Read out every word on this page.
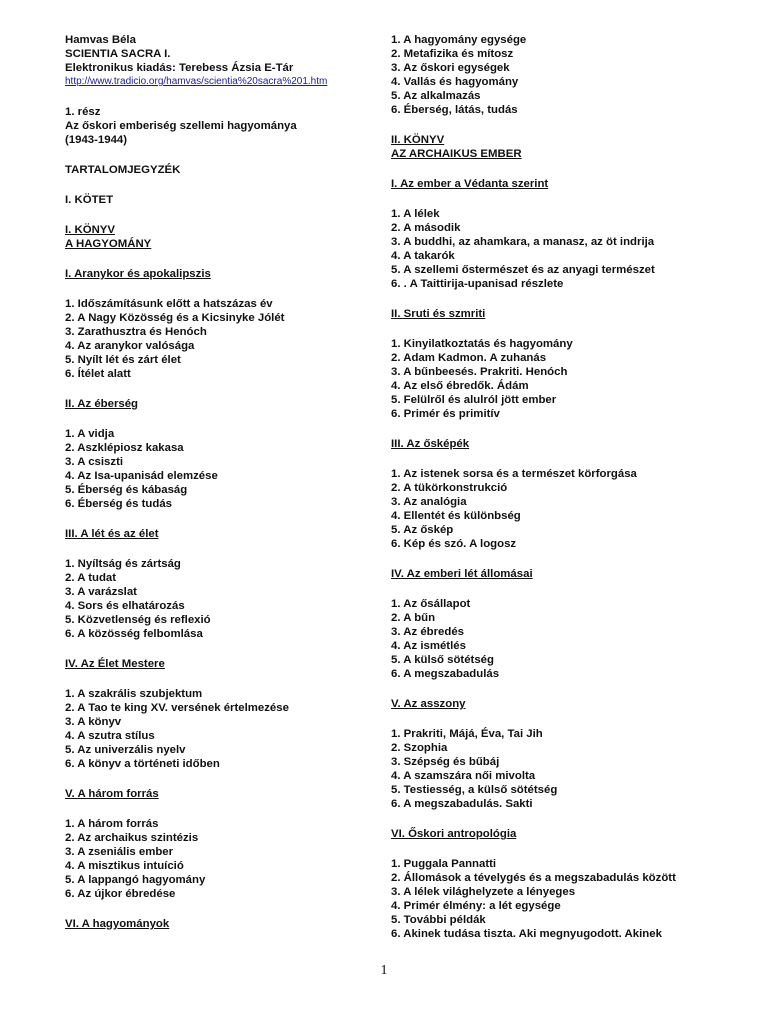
Hamvas Béla
SCIENTIA SACRA I.
Elektronikus kiadás: Terebess Ázsia E-Tár
http://www.tradicio.org/hamvas/scientia%20sacra%201.htm
1. rész
Az őskori emberiség szellemi hagyománya
(1943-1944)
TARTALOMJEGYZÉK
I. KÖTET
I. KÖNYV
A HAGYOMÁNY
I. Aranykor és apokalipszis
1. Időszámításunk előtt a hatszázas év
2. A Nagy Közösség és a Kicsinyke Jólét
3. Zarathusztra és Henóch
4. Az aranykor valósága
5. Nyílt lét és zárt élet
6. Ítélet alatt
II. Az éberség
1. A vidja
2. Aszklépiosz kakasa
3. A csiszti
4. Az Isa-upanisád elemzése
5. Éberség és kábaság
6. Éberség és tudás
III. A lét és az élet
1. Nyíltság és zártság
2. A tudat
3. A varázslat
4. Sors és elhatározás
5. Közvetlenség és reflexió
6. A közösség felbomlása
IV. Az Élet Mestere
1. A szakrális szubjektum
2. A Tao te king XV. versének értelmezése
3. A könyv
4. A szutra stílus
5. Az univerzális nyelv
6. A könyv a történeti időben
V. A három forrás
1. A három forrás
2. Az archaikus szintézis
3. A zseniális ember
4. A misztikus intuíció
5. A lappangó hagyomány
6. Az újkor ébredése
VI. A hagyományok
1. A hagyomány egysége
2. Metafizika és mítosz
3. Az őskori egységek
4. Vallás és hagyomány
5. Az alkalmazás
6. Éberség, látás, tudás
II. KÖNYV
AZ ARCHAIKUS EMBER
I. Az ember a Védanta szerint
1. A lélek
2. A második
3. A buddhi, az ahamkara, a manasz, az öt indrija
4. A takarók
5. A szellemi őstermészet és az anyagi természet
6. . A Taittirija-upanisad részlete
II. Sruti és szmriti
1. Kinyilatkoztatás és hagyomány
2. Adam Kadmon. A zuhanás
3. A bűnbeesés. Prakriti. Henóch
4. Az első ébredők. Ádám
5. Felülről és alulról jött ember
6. Primér és primitív
III. Az ősképék
1. Az istenek sorsa és a természet körforgása
2. A tükörkonstrukció
3. Az analógia
4. Ellentét és különbség
5. Az őskép
6. Kép és szó. A logosz
IV. Az emberi lét állomásai
1. Az ősállapot
2. A bűn
3. Az ébredés
4. Az ismétlés
5. A külső sötétség
6. A megszabadulás
V. Az asszony
1. Prakriti, Májá, Éva, Tai Jih
2. Szophia
3. Szépség és bűbáj
4. A szamszára női mivolta
5. Testiesség, a külső sötétség
6. A megszabadulás. Sakti
VI. Őskori antropológia
1. Puggala Pannatti
2. Állomások a tévelygés és a megszabadulás között
3. A lélek világhelyzete a lényeges
4. Primér élmény: a lét egysége
5. További példák
6. Akinek tudása tiszta. Aki megnyugodott. Akinek
1
